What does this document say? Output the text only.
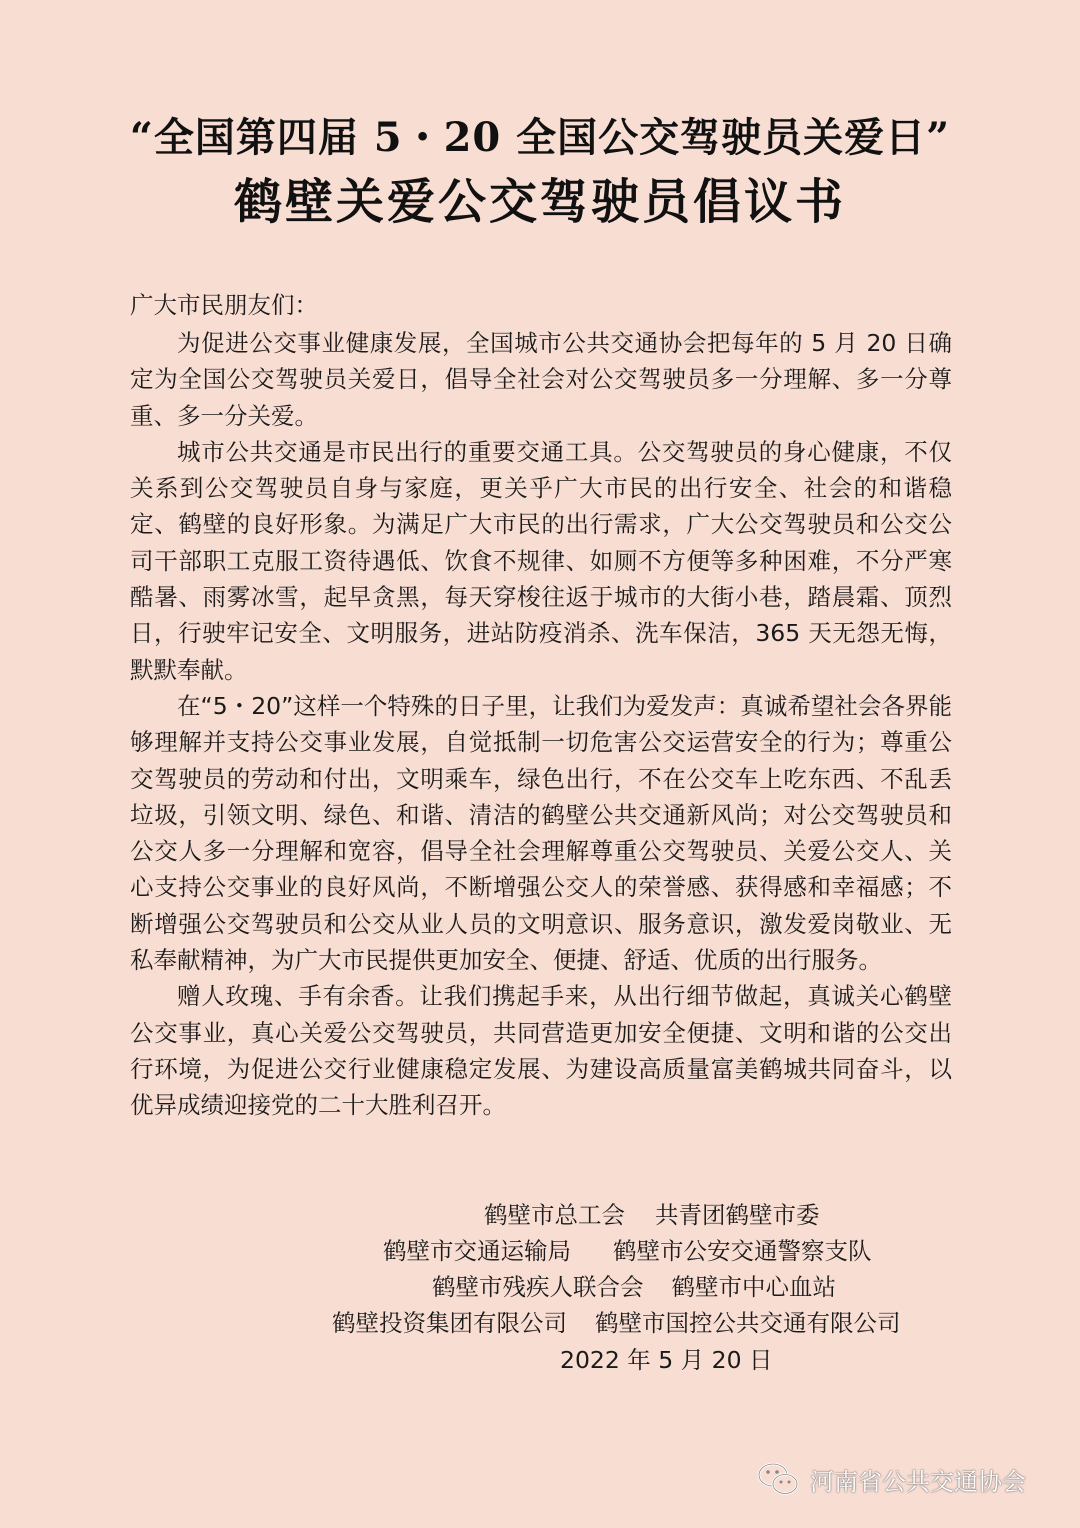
“全国第四届 5・20 全国公交驾驶员关爱日”
鹤壁关爱公交驾驶员倡议书
广大市民朋友们：

为促进公交事业健康发展，全国城市公共交通协会把每年的 5 月 20 日确定为全国公交驾驶员关爱日，倡导全社会对公交驾驶员多一分理解、多一分尊重、多一分关爱。

城市公共交通是市民出行的重要交通工具。公交驾驶员的身心健康，不仅关系到公交驾驶员自身与家庭，更关乎广大市民的出行安全、社会的和谐稳定、鹤壁的良好形象。为满足广大市民的出行需求，广大公交驾驶员和公交公司干部职工克服工资待遇低、饮食不规律、如厕不方便等多种困难，不分严寒酷暑、雨雾冰雪，起早贪黑，每天穿梭往返于城市的大街小巷，踏晨霜、顶烈日，行驶牢记安全、文明服务，进站防疫消杀、洗车保洁，365 天无怨无悔，默默奉献。

在“5・20”这样一个特殊的日子里，让我们为爱发声：真诚希望社会各界能够理解并支持公交事业发展，自觉抵制一切危害公交运营安全的行为；尊重公交驾驶员的劳动和付出，文明乘车，绿色出行，不在公交车上吃东西、不乱丢垃圾，引领文明、绿色、和谐、清洁的鹤壁公共交通新风尚；对公交驾驶员和公交人多一分理解和宽容，倡导全社会理解尊重公交驾驶员、关爱公交人、关心支持公交事业的良好风尚，不断增强公交人的荣誉感、获得感和幸福感；不断增强公交驾驶员和公交从业人员的文明意识、服务意识，激发爱岗敬业、无私奉献精神，为广大市民提供更加安全、便捷、舒适、优质的出行服务。

赠人玫瑰、手有余香。让我们携起手来，从出行细节做起，真诚关心鹤壁公交事业，真心关爱公交驾驶员，共同营造更加安全便捷、文明和谐的公交出行环境，为促进公交行业健康稳定发展、为建设高质量富美鹤城共同奋斗，以优异成绩迎接党的二十大胜利召开。

鹤壁市总工会 共青团鹤壁市委
鹤壁市交通运输局 鹤壁市公安交通警察支队
鹤壁市残疾人联合会 鹤壁市中心血站
鹤壁投资集团有限公司 鹤壁市国控公共交通有限公司
2022 年 5 月 20 日
河南省公共交通协会
